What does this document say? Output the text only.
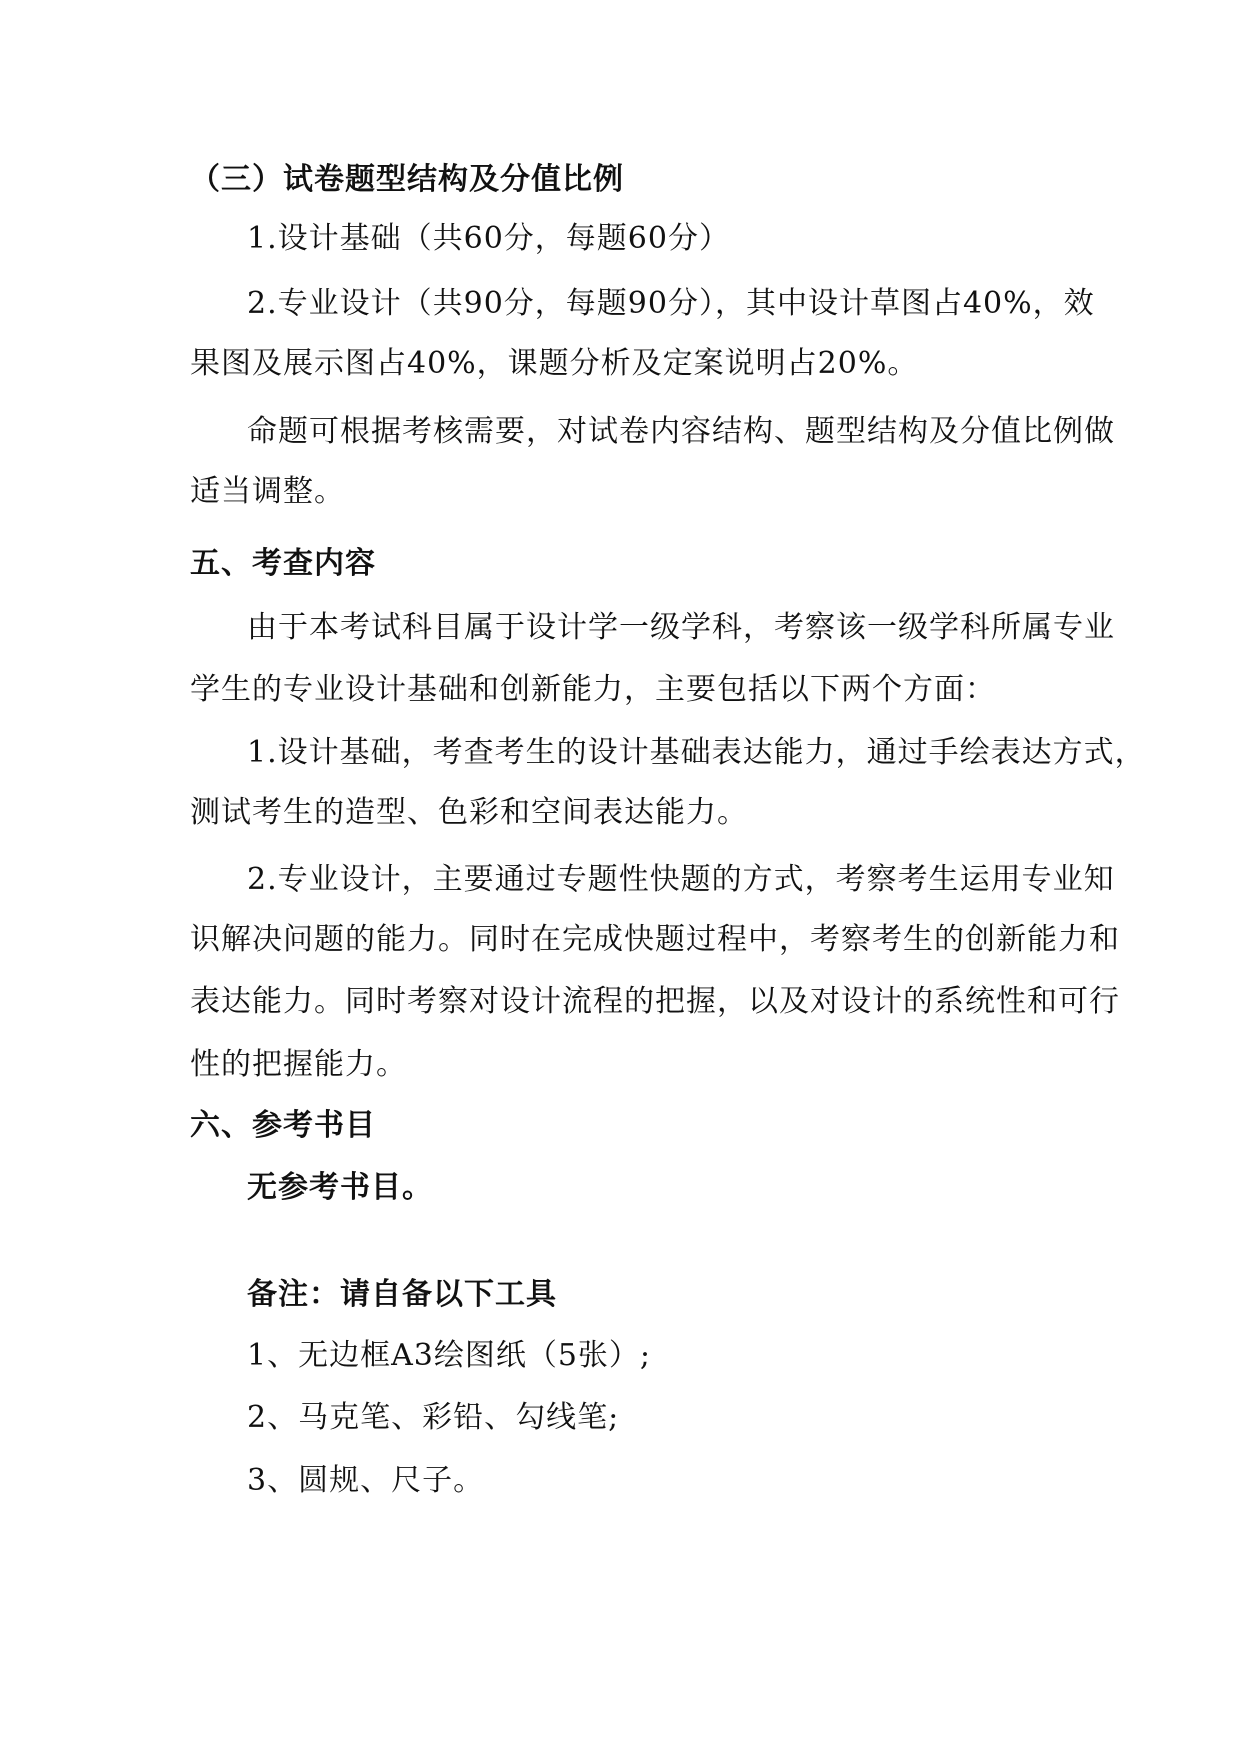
（三）试卷题型结构及分值比例
1.设计基础（共60分，每题60分）
2.专业设计（共90分，每题90分），其中设计草图占40%，效
果图及展示图占40%，课题分析及定案说明占20%。
命题可根据考核需要，对试卷内容结构、题型结构及分值比例做
适当调整。
五、考查内容
由于本考试科目属于设计学一级学科，考察该一级学科所属专业
学生的专业设计基础和创新能力，主要包括以下两个方面：
1.设计基础，考查考生的设计基础表达能力，通过手绘表达方式，
测试考生的造型、色彩和空间表达能力。
2.专业设计，主要通过专题性快题的方式，考察考生运用专业知
识解决问题的能力。同时在完成快题过程中，考察考生的创新能力和
表达能力。同时考察对设计流程的把握，以及对设计的系统性和可行
性的把握能力。
六、参考书目
无参考书目。
备注：请自备以下工具
1、无边框A3绘图纸（5张）;
2、马克笔、彩铅、勾线笔;
3、圆规、尺子。
